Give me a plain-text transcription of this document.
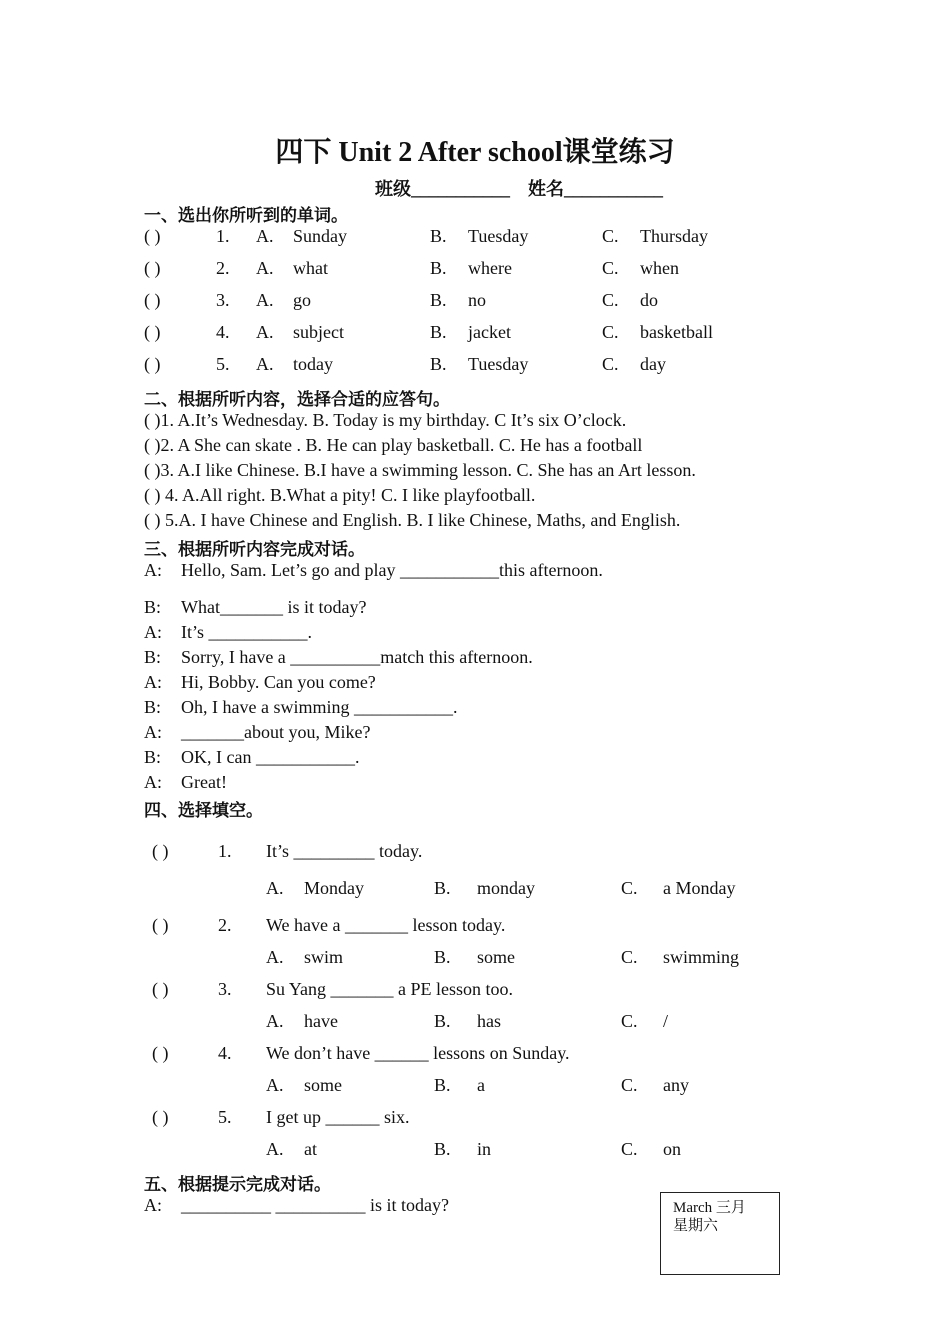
四下 Unit 2 After school课堂练习
班级___________ 姓名___________
一、选出你所听到的单词。
( )	1. A. Sunday	B. Tuesday	C. Thursday
( )	2. A. what	B. where	C. when
( )	3. A. go	B. no	C. do
( )	4. A. subject	B. jacket	C. basketball
( )	5. A. today	B. Tuesday	C. day
二、根据所听内容，选择合适的应答句。
( )1. A.It’s Wednesday. B. Today is my birthday. C It’s six O’clock.
( )2. A She can skate . B. He can play basketball. C. He has a football
( )3. A.I like Chinese. B.I have a swimming lesson. C. She has an Art lesson.
( ) 4. A.All right. B.What a pity! C. I like playfootball.
( ) 5.A. I have Chinese and English. B. I like Chinese, Maths, and English.
三、根据所听内容完成对话。
A: Hello, Sam. Let’s go and play ___________this afternoon.
B: What_______ is it today?
A: It’s ___________.
B: Sorry, I have a __________match this afternoon.
A: Hi, Bobby. Can you come?
B: Oh, I have a swimming ___________.
A: _______about you, Mike?
B: OK, I can ___________.
A: Great!
四、选择填空。
( )	1. It’s _________ today.
A. Monday	B. monday	C. a Monday
( )	2. We have a _______ lesson today.
A. swim	B. some	C. swimming
( )	3. Su Yang _______ a PE lesson too.
A. have	B. has	C. /
( )	4. We don’t have ______ lessons on Sunday.
A. some	B. a	C. any
( )	5. I get up ______ six.
A. at	B. in	C. on
五、根据提示完成对话。
A: __________ __________ is it today?	March 三月
星期六
